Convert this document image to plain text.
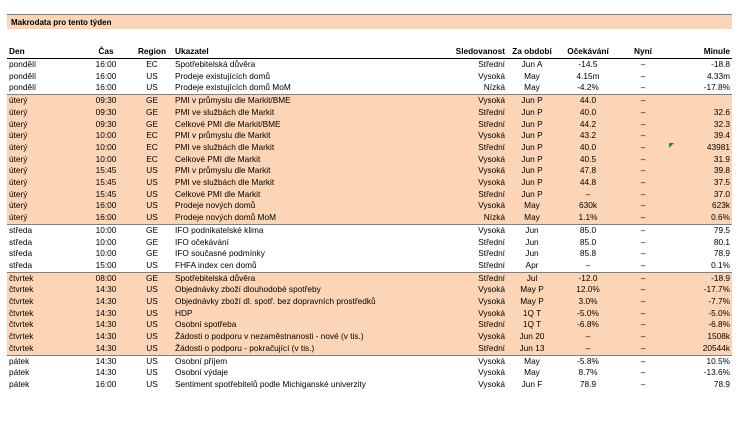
Makrodata pro tento týden
Den	Čas	Region	Ukazatel	Sledovanost	Za období	Očekávání	Nyní	Minule
pondělí	16:00	EC	Spotřebitelská důvěra	Střední	Jun A	-14.5	–	-18.8
pondělí	16:00	US	Prodeje existujících domů	Vysoká	May	4.15m	–	4.33m
pondělí	16:00	US	Prodeje existujících domů MoM	Nízká	May	-4.2%	–	-17.8%
úterý	09:30	GE	PMI v průmyslu dle Markit/BME	Vysoká	Jun P	44.0	–	
úterý	09:30	GE	PMI ve službách dle Markit	Střední	Jun P	40.0	–	32.6
úterý	09:30	GE	Celkové PMI dle Markit/BME	Střední	Jun P	44.2	–	32.3
úterý	10:00	EC	PMI v průmyslu dle Markit	Vysoká	Jun P	43.2	–	39.4
úterý	10:00	EC	PMI ve službách dle Markit	Střední	Jun P	40.0	–	43981
úterý	10:00	EC	Celkové PMI dle Markit	Vysoká	Jun P	40.5	–	31.9
úterý	15:45	US	PMI v průmyslu dle Markit	Vysoká	Jun P	47.8	–	39.8
úterý	15:45	US	PMI ve službách dle Markit	Vysoká	Jun P	44.8	–	37.5
úterý	15:45	US	Celkové PMI dle Markit	Střední	Jun P	–	–	37.0
úterý	16:00	US	Prodeje nových domů	Vysoká	May	630k	–	623k
úterý	16:00	US	Prodeje nových domů MoM	Nízká	May	1.1%	–	0.6%
středa	10:00	GE	IFO podnikatelské klima	Vysoká	Jun	85.0	–	79.5
středa	10:00	GE	IFO očekávání	Střední	Jun	85.0	–	80.1
středa	10:00	GE	IFO současné podmínky	Střední	Jun	85.8	–	78.9
středa	15:00	US	FHFA index cen domů	Střední	Apr	–	–	0.1%
čtvrtek	08:00	GE	Spotřebitelská důvěra	Střední	Jul	-12.0	–	-18.9
čtvrtek	14:30	US	Objednávky zboží dlouhodobé spotřeby	Vysoká	May P	12.0%	–	-17.7%
čtvrtek	14:30	US	Objednávky zboží dl. spotř. bez dopravních prostředků	Vysoká	May P	3.0%	–	-7.7%
čtvrtek	14:30	US	HDP	Vysoká	1Q T	-5.0%	–	-5.0%
čtvrtek	14:30	US	Osobní spotřeba	Střední	1Q T	-6.8%	–	-6.8%
čtvrtek	14:30	US	Žádosti o podporu v nezaměstnanosti - nové (v tis.)	Vysoká	Jun 20	–	–	1508k
čtvrtek	14:30	US	Žádosti o podporu - pokračující (v tis.)	Střední	Jun 13	–	–	20544k
pátek	14:30	US	Osobní příjem	Vysoká	May	-5.8%	–	10.5%
pátek	14:30	US	Osobní výdaje	Vysoká	May	8.7%	–	-13.6%
pátek	16:00	US	Sentiment spotřebitelů podle Michiganské univerzity	Vysoká	Jun F	78.9	–	78.9
